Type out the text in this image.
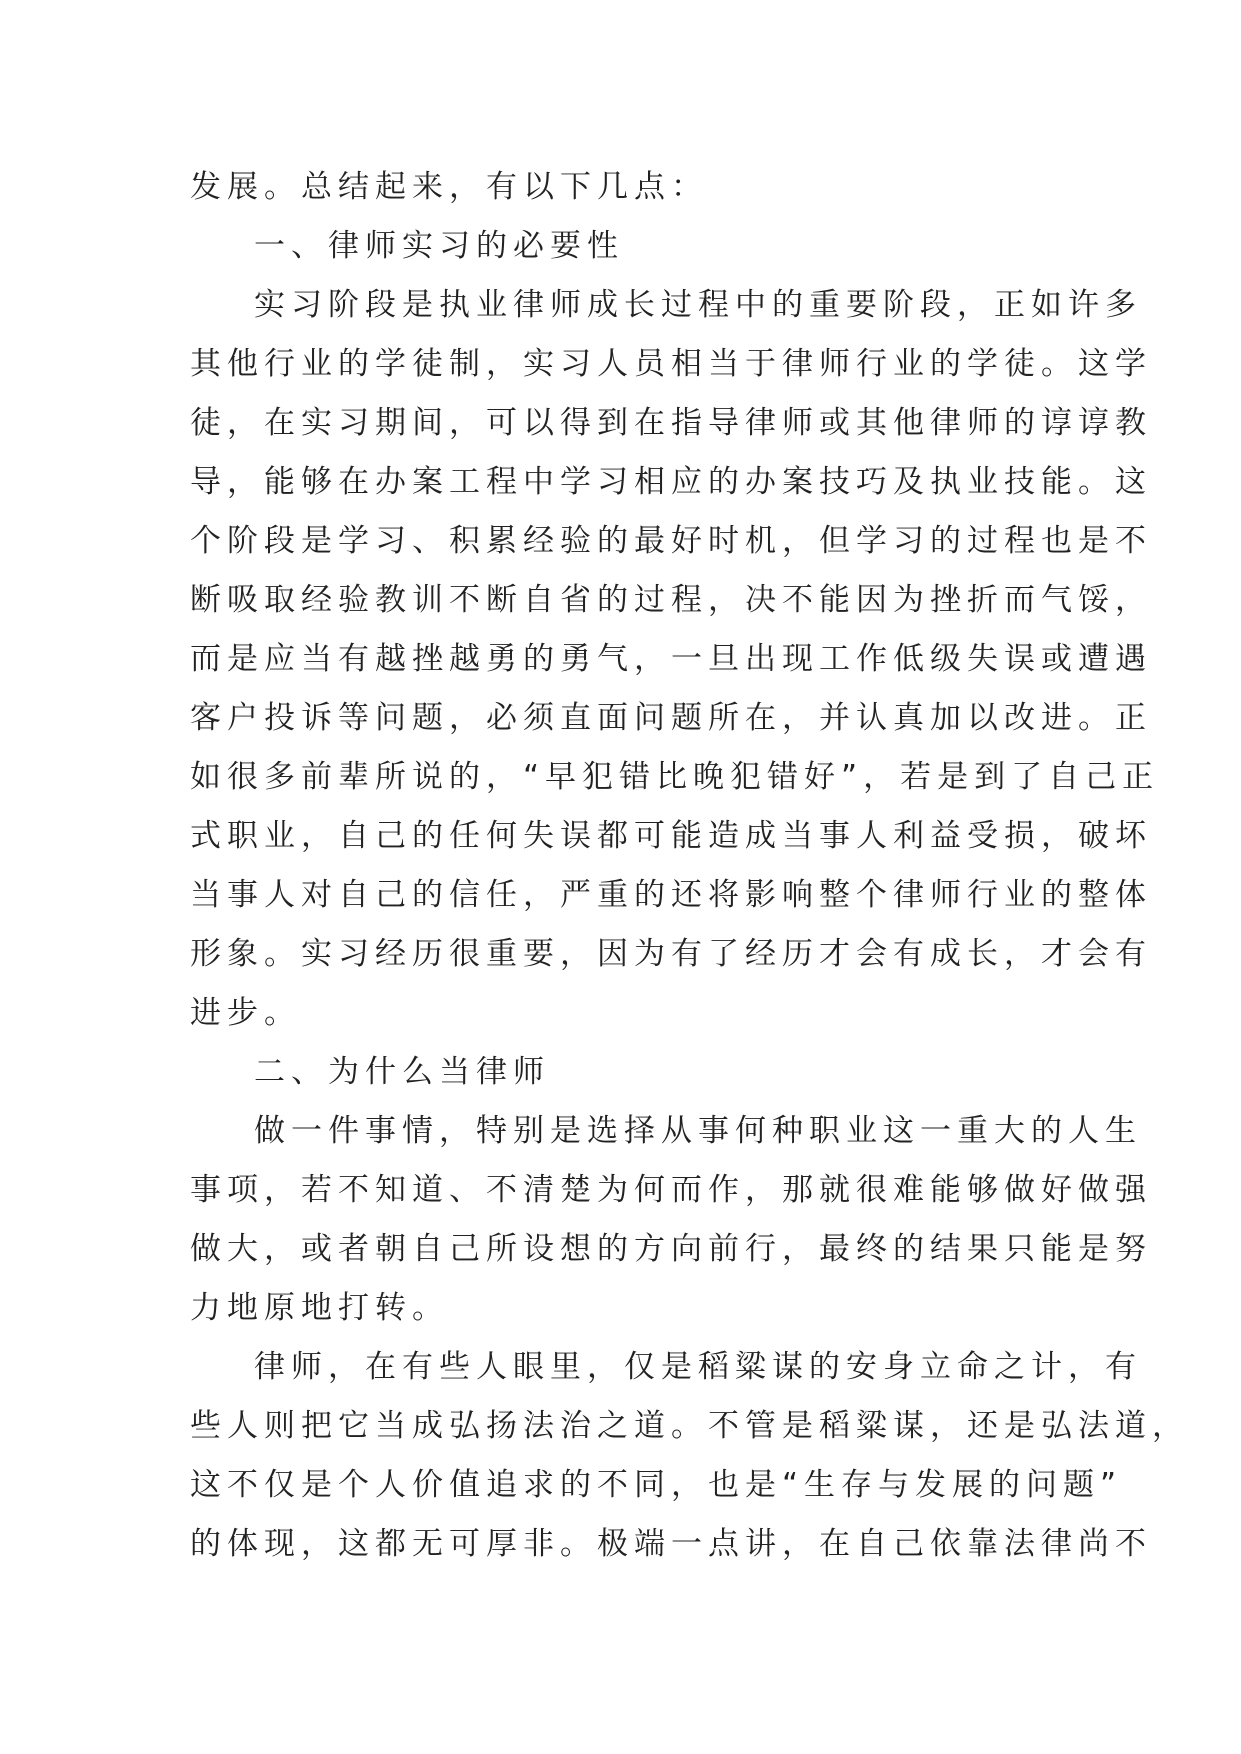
发展。总结起来，有以下几点：
一、律师实习的必要性
实习阶段是执业律师成长过程中的重要阶段，正如许多
其他行业的学徒制，实习人员相当于律师行业的学徒。这学
徒，在实习期间，可以得到在指导律师或其他律师的谆谆教
导，能够在办案工程中学习相应的办案技巧及执业技能。这
个阶段是学习、积累经验的最好时机，但学习的过程也是不
断吸取经验教训不断自省的过程，决不能因为挫折而气馁，
而是应当有越挫越勇的勇气，一旦出现工作低级失误或遭遇
客户投诉等问题，必须直面问题所在，并认真加以改进。正
如很多前辈所说的，“早犯错比晚犯错好”，若是到了自己正
式职业，自己的任何失误都可能造成当事人利益受损，破坏
当事人对自己的信任，严重的还将影响整个律师行业的整体
形象。实习经历很重要，因为有了经历才会有成长，才会有
进步。
二、为什么当律师
做一件事情，特别是选择从事何种职业这一重大的人生
事项，若不知道、不清楚为何而作，那就很难能够做好做强
做大，或者朝自己所设想的方向前行，最终的结果只能是努
力地原地打转。
律师，在有些人眼里，仅是稻粱谋的安身立命之计，有
些人则把它当成弘扬法治之道。不管是稻粱谋，还是弘法道，
这不仅是个人价值追求的不同，也是“生存与发展的问题”
的体现，这都无可厚非。极端一点讲，在自己依靠法律尚不
